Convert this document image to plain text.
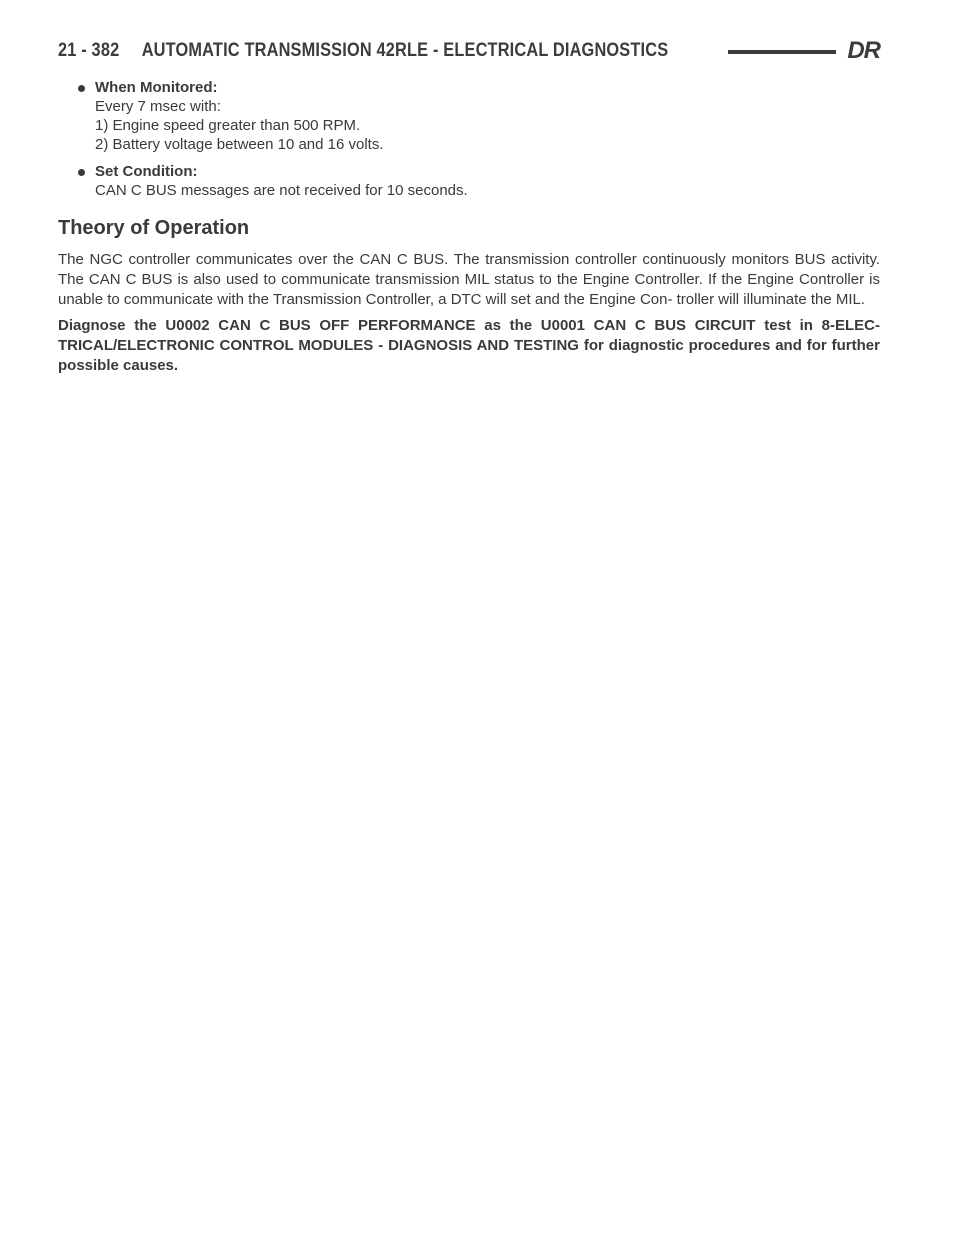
21 - 382 AUTOMATIC TRANSMISSION 42RLE - ELECTRICAL DIAGNOSTICS	DR
When Monitored:
Every 7 msec with:
1) Engine speed greater than 500 RPM.
2) Battery voltage between 10 and 16 volts.
Set Condition:
CAN C BUS messages are not received for 10 seconds.
Theory of Operation

The NGC controller communicates over the CAN C BUS. The transmission controller continuously monitors BUS activity. The CAN C BUS is also used to communicate transmission MIL status to the Engine Controller. If the Engine Controller is unable to communicate with the Transmission Controller, a DTC will set and the Engine Con- troller will illuminate the MIL.

Diagnose the U0002 CAN C BUS OFF PERFORMANCE as the U0001 CAN C BUS CIRCUIT test in 8-ELEC- TRICAL/ELECTRONIC CONTROL MODULES - DIAGNOSIS AND TESTING for diagnostic procedures and for further possible causes.
